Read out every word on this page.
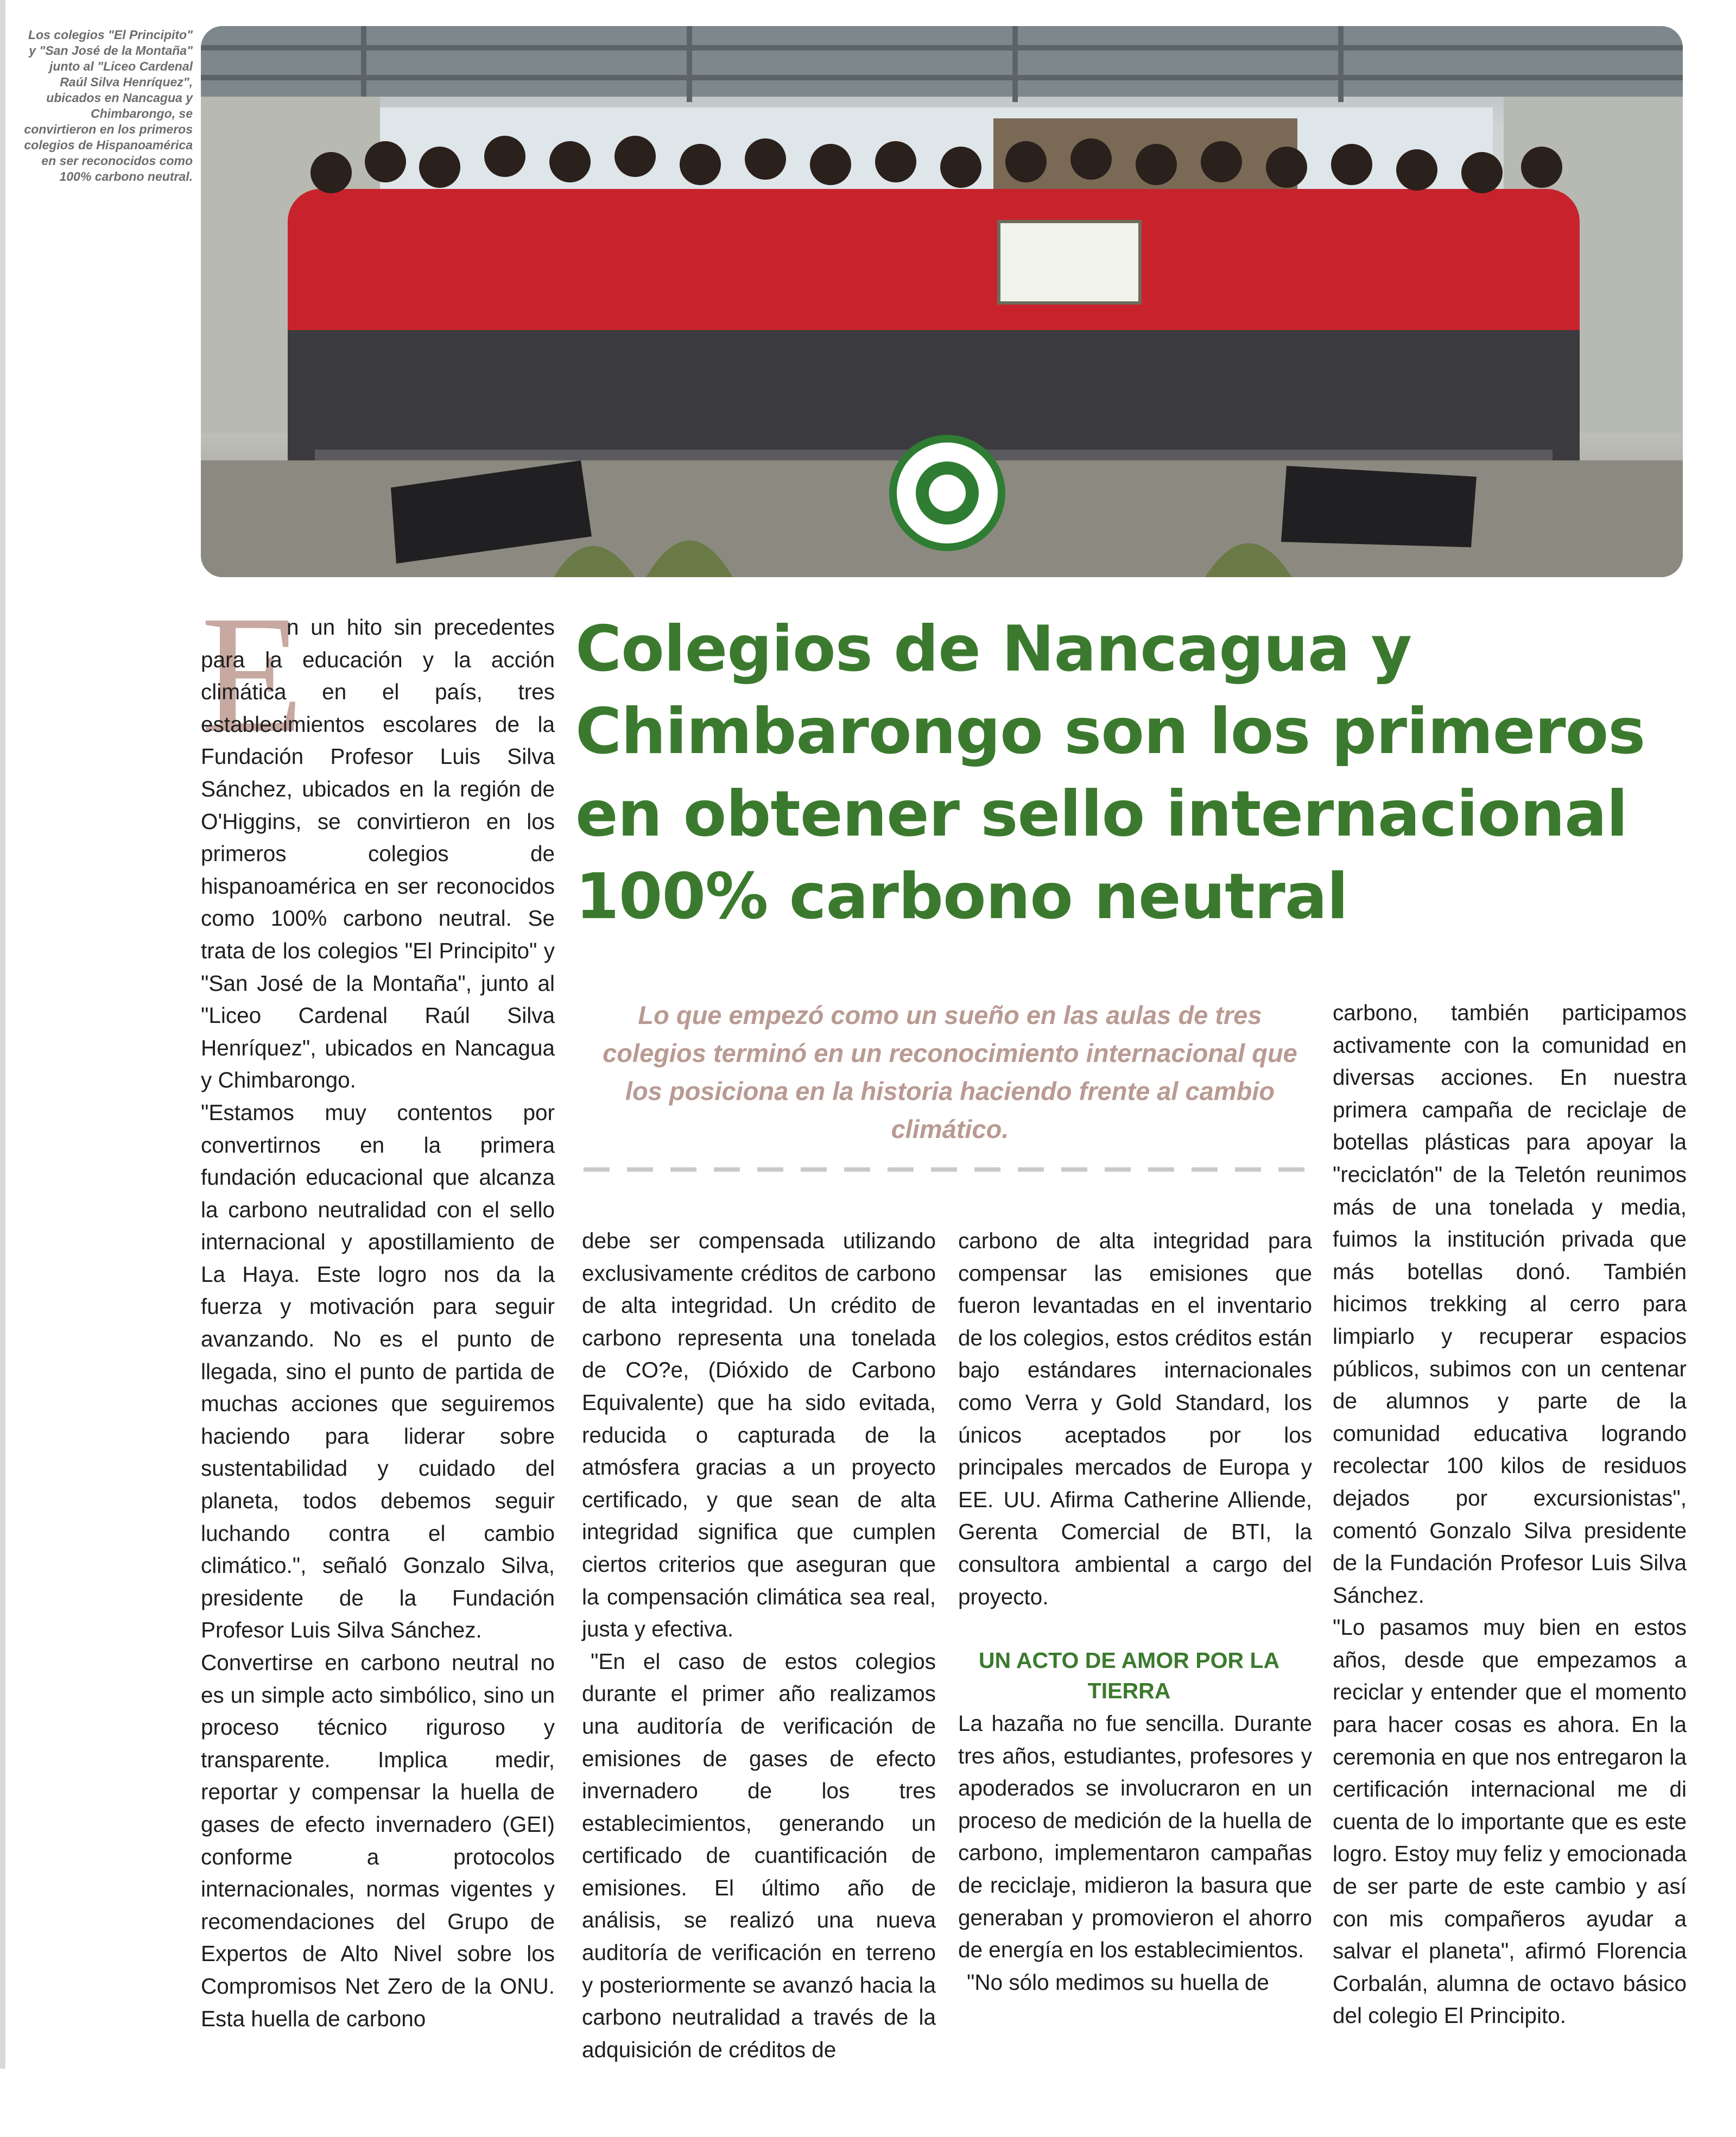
Los colegios "El Principito" y "San José de la Montaña" junto al "Liceo Cardenal Raúl Silva Henríquez", ubicados en Nancagua y Chimbarongo, se convirtieron en los primeros colegios de Hispanoamérica en ser reconocidos como 100% carbono neutral.
E

n un hito sin precedentes para la educación y la acción climática en el país, tres establecimientos escolares de la Fundación Profesor Luis Silva Sánchez, ubicados en la región de O'Higgins, se convirtieron en los primeros colegios de hispanoamérica en ser reconocidos como 100% carbono neutral. Se trata de los colegios "El Principito" y "San José de la Montaña", junto al "Liceo Cardenal Raúl Silva Henríquez", ubicados en Nancagua y Chimbarongo.

"Estamos muy contentos por convertirnos en la primera fundación educacional que alcanza la carbono neutralidad con el sello internacional y apostillamiento de La Haya. Este logro nos da la fuerza y motivación para seguir avanzando. No es el punto de llegada, sino el punto de partida de muchas acciones que seguiremos haciendo para liderar sobre sustentabilidad y cuidado del planeta, todos debemos seguir luchando contra el cambio climático.", señaló Gonzalo Silva, presidente de la Fundación Profesor Luis Silva Sánchez.

Convertirse en carbono neutral no es un simple acto simbólico, sino un proceso técnico riguroso y transparente. Implica medir, reportar y compensar la huella de gases de efecto invernadero (GEI) conforme a protocolos internacionales, normas vigentes y recomendaciones del Grupo de Expertos de Alto Nivel sobre los Compromisos Net Zero de la ONU. Esta huella de carbono

Colegios de Nancagua y Chimbarongo son los primeros en obtener sello internacional 100% carbono neutral
Lo que empezó como un sueño en las aulas de tres colegios terminó en un reconocimiento internacional que los posiciona en la historia haciendo frente al cambio climático.

debe ser compensada utilizando exclusivamente créditos de carbono de alta integridad. Un crédito de carbono representa una tonelada de CO?e, (Dióxido de Carbono Equivalente) que ha sido evitada, reducida o capturada de la atmósfera gracias a un proyecto certificado, y que sean de alta integridad significa que cumplen ciertos criterios que aseguran que la compensación climática sea real, justa y efectiva.

"En el caso de estos colegios durante el primer año realizamos una auditoría de verificación de emisiones de gases de efecto invernadero de los tres establecimientos, generando un certificado de cuantificación de emisiones. El último año de análisis, se realizó una nueva auditoría de verificación en terreno y posteriormente se avanzó hacia la carbono neutralidad a través de la adquisición de créditos de

carbono de alta integridad para compensar las emisiones que fueron levantadas en el inventario de los colegios, estos créditos están bajo estándares internacionales como Verra y Gold Standard, los únicos aceptados por los principales mercados de Europa y EE. UU. Afirma Catherine Alliende, Gerenta Comercial de BTI, la consultora ambiental a cargo del proyecto.

UN ACTO DE AMOR POR LA TIERRA

La hazaña no fue sencilla. Durante tres años, estudiantes, profesores y apoderados se involucraron en un proceso de medición de la huella de carbono, implementaron campañas de reciclaje, midieron la basura que generaban y promovieron el ahorro de energía en los establecimientos.

"No sólo medimos su huella de

carbono, también participamos activamente con la comunidad en diversas acciones. En nuestra primera campaña de reciclaje de botellas plásticas para apoyar la "reciclatón" de la Teletón reunimos más de una tonelada y media, fuimos la institución privada que más botellas donó. También hicimos trekking al cerro para limpiarlo y recuperar espacios públicos, subimos con un centenar de alumnos y parte de la comunidad educativa logrando recolectar 100 kilos de residuos dejados por excursionistas", comentó Gonzalo Silva presidente de la Fundación Profesor Luis Silva Sánchez.

"Lo pasamos muy bien en estos años, desde que empezamos a reciclar y entender que el momento para hacer cosas es ahora. En la ceremonia en que nos entregaron la certificación internacional me di cuenta de lo importante que es este logro. Estoy muy feliz y emocionada de ser parte de este cambio y así con mis compañeros ayudar a salvar el planeta", afirmó Florencia Corbalán, alumna de octavo básico del colegio El Principito.
